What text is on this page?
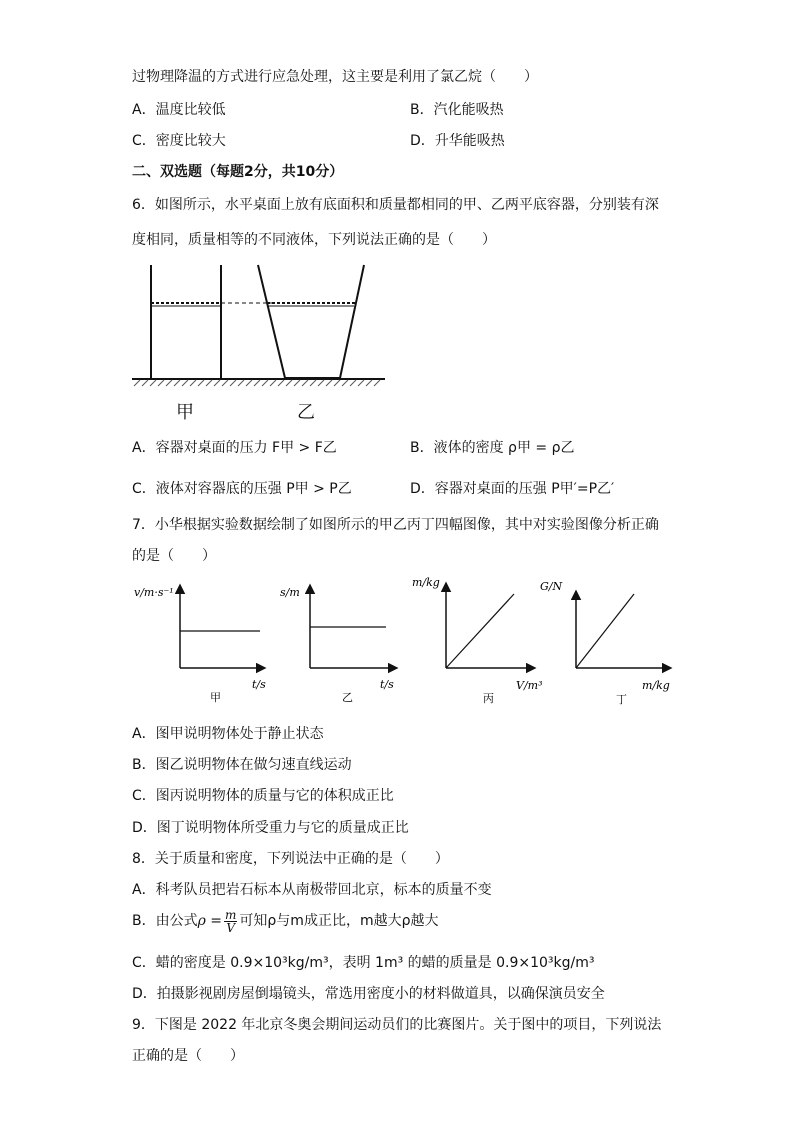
过物理降温的方式进行应急处理，这主要是利用了氯乙烷（　　）
A．温度比较低	B．汽化能吸热
C．密度比较大	D．升华能吸热
二、双选题（每题2分，共10分）
6．如图所示，水平桌面上放有底面积和质量都相同的甲、乙两平底容器，分别装有深
度相同，质量相等的不同液体，下列说法正确的是（　　）
甲	乙
A．容器对桌面的压力 F甲 > F乙	B．液体的密度 ρ甲 = ρ乙
C．液体对容器底的压强 P甲 > P乙	D．容器对桌面的压强 P甲′=P乙′
7．小华根据实验数据绘制了如图所示的甲乙丙丁四幅图像，其中对实验图像分析正确
的是（　　）
v/m·s⁻¹
t/s
甲
s/m
t/s
乙
m/kg
V/m³
丙
G/N
m/kg
丁
A．图甲说明物体处于静止状态
B．图乙说明物体在做匀速直线运动
C．图丙说明物体的质量与它的体积成正比
D．图丁说明物体所受重力与它的质量成正比
8．关于质量和密度，下列说法中正确的是（　　）
A．科考队员把岩石标本从南极带回北京，标本的质量不变
B．由公式$\rho = \frac{m}{V}$ 可知ρ与m成正比，m越大ρ越大
C．蜡的密度是 0.9×10³kg/m³，表明 1m³ 的蜡的质量是 0.9×10³kg/m³
D．拍摄影视剧房屋倒塌镜头，常选用密度小的材料做道具，以确保演员安全
9．下图是 2022 年北京冬奥会期间运动员们的比赛图片。关于图中的项目，下列说法
正确的是（　　）
